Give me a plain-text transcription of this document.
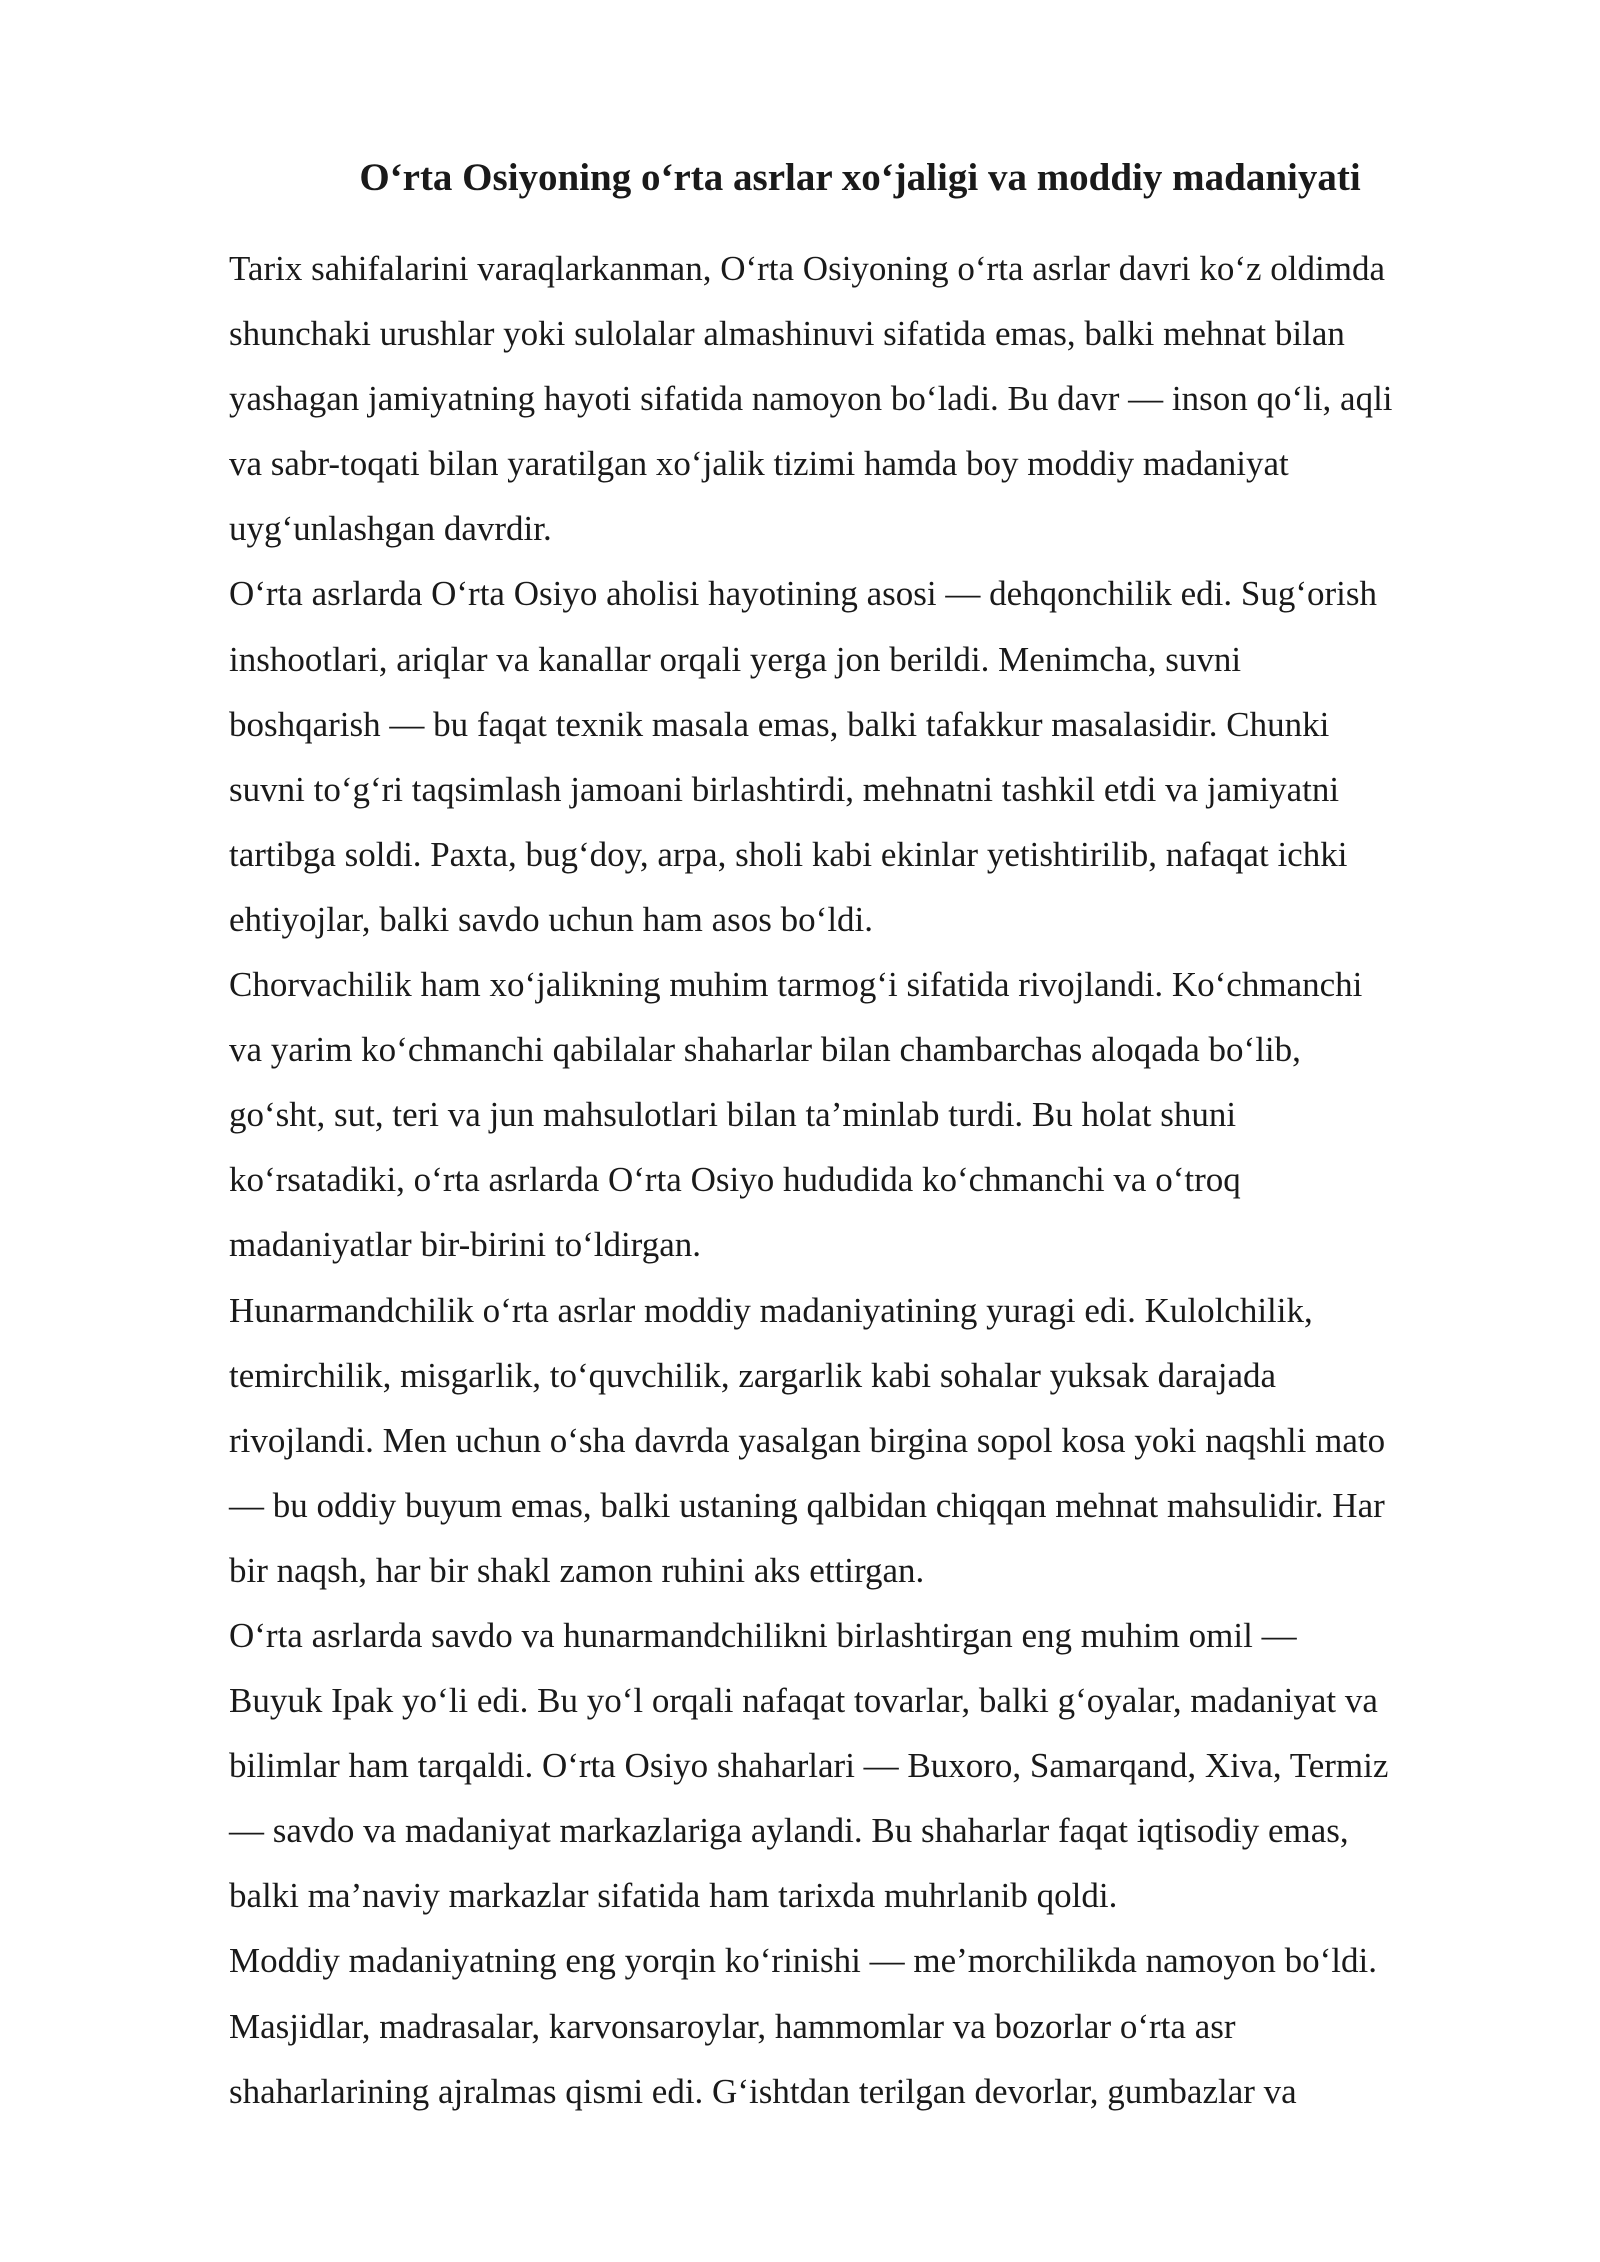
O‘rta Osiyoning o‘rta asrlar xo‘jaligi va moddiy madaniyati
Tarix sahifalarini varaqlarkanman, O‘rta Osiyoning o‘rta asrlar davri ko‘z oldimda
shunchaki urushlar yoki sulolalar almashinuvi sifatida emas, balki mehnat bilan
yashagan jamiyatning hayoti sifatida namoyon bo‘ladi. Bu davr — inson qo‘li, aqli
va sabr-toqati bilan yaratilgan xo‘jalik tizimi hamda boy moddiy madaniyat
uyg‘unlashgan davrdir.
O‘rta asrlarda O‘rta Osiyo aholisi hayotining asosi — dehqonchilik edi. Sug‘orish
inshootlari, ariqlar va kanallar orqali yerga jon berildi. Menimcha, suvni
boshqarish — bu faqat texnik masala emas, balki tafakkur masalasidir. Chunki
suvni to‘g‘ri taqsimlash jamoani birlashtirdi, mehnatni tashkil etdi va jamiyatni
tartibga soldi. Paxta, bug‘doy, arpa, sholi kabi ekinlar yetishtirilib, nafaqat ichki
ehtiyojlar, balki savdo uchun ham asos bo‘ldi.
Chorvachilik ham xo‘jalikning muhim tarmog‘i sifatida rivojlandi. Ko‘chmanchi
va yarim ko‘chmanchi qabilalar shaharlar bilan chambarchas aloqada bo‘lib,
go‘sht, sut, teri va jun mahsulotlari bilan ta’minlab turdi. Bu holat shuni
ko‘rsatadiki, o‘rta asrlarda O‘rta Osiyo hududida ko‘chmanchi va o‘troq
madaniyatlar bir-birini to‘ldirgan.
Hunarmandchilik o‘rta asrlar moddiy madaniyatining yuragi edi. Kulolchilik,
temirchilik, misgarlik, to‘quvchilik, zargarlik kabi sohalar yuksak darajada
rivojlandi. Men uchun o‘sha davrda yasalgan birgina sopol kosa yoki naqshli mato
— bu oddiy buyum emas, balki ustaning qalbidan chiqqan mehnat mahsulidir. Har
bir naqsh, har bir shakl zamon ruhini aks ettirgan.
O‘rta asrlarda savdo va hunarmandchilikni birlashtirgan eng muhim omil —
Buyuk Ipak yo‘li edi. Bu yo‘l orqali nafaqat tovarlar, balki g‘oyalar, madaniyat va
bilimlar ham tarqaldi. O‘rta Osiyo shaharlari — Buxoro, Samarqand, Xiva, Termiz
— savdo va madaniyat markazlariga aylandi. Bu shaharlar faqat iqtisodiy emas,
balki ma’naviy markazlar sifatida ham tarixda muhrlanib qoldi.
Moddiy madaniyatning eng yorqin ko‘rinishi — me’morchilikda namoyon bo‘ldi.
Masjidlar, madrasalar, karvonsaroylar, hammomlar va bozorlar o‘rta asr
shaharlarining ajralmas qismi edi. G‘ishtdan terilgan devorlar, gumbazlar va
